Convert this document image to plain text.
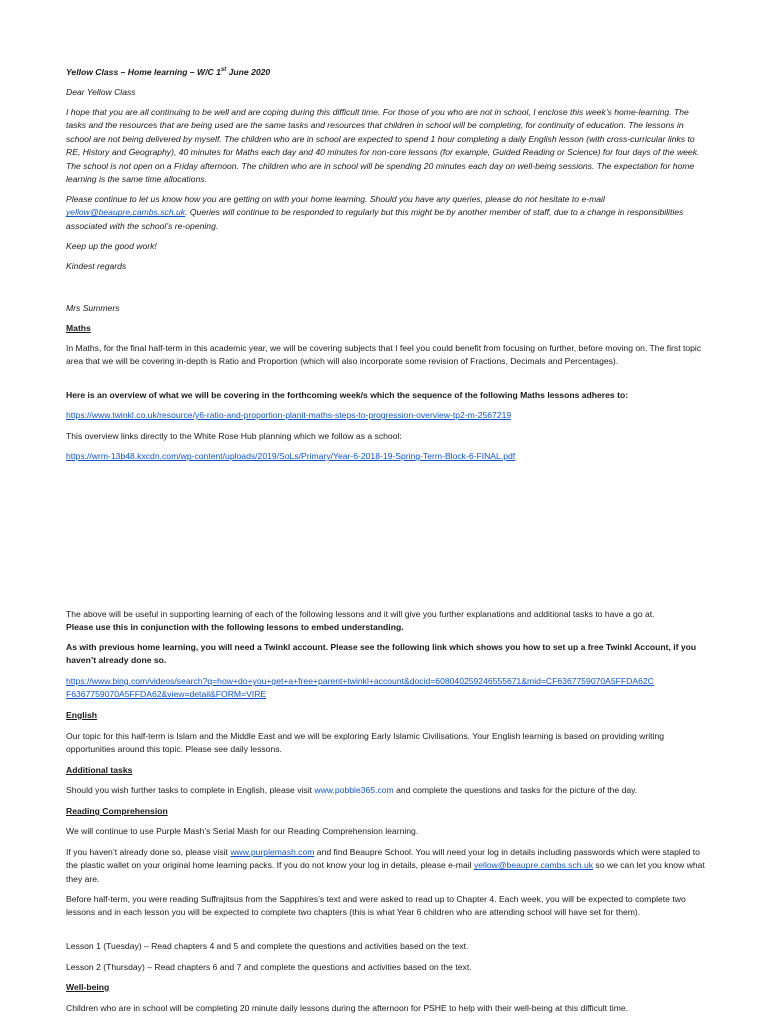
Yellow Class – Home learning – W/C 1st June 2020

Dear Yellow Class

I hope that you are all continuing to be well and are coping during this difficult time. For those of you who are not in school, I enclose this week’s home-learning. The tasks and the resources that are being used are the same tasks and resources that children in school will be completing, for continuity of education. The lessons in school are not being delivered by myself. The children who are in school are expected to spend 1 hour completing a daily English lesson (with cross-curricular links to RE, History and Geography), 40 minutes for Maths each day and 40 minutes for non-core lessons (for example, Guided Reading or Science) for four days of the week. The school is not open on a Friday afternoon. The children who are in school will be spending 20 minutes each day on well-being sessions. The expectation for home learning is the same time allocations.

Please continue to let us know how you are getting on with your home learning. Should you have any queries, please do not hesitate to e-mail yellow@beaupre.cambs.sch.uk. Queries will continue to be responded to regularly but this might be by another member of staff, due to a change in responsibilities associated with the school’s re-opening.

Keep up the good work!

Kindest regards

Mrs Summers

Maths

In Maths, for the final half-term in this academic year, we will be covering subjects that I feel you could benefit from focusing on further, before moving on. The first topic area that we will be covering in-depth is Ratio and Proportion (which will also incorporate some revision of Fractions, Decimals and Percentages).

Here is an overview of what we will be covering in the forthcoming week/s which the sequence of the following Maths lessons adheres to:

https://www.twinkl.co.uk/resource/y6-ratio-and-proportion-planit-maths-steps-to-progression-overview-tp2-m-2567219

This overview links directly to the White Rose Hub planning which we follow as a school:

https://wrm-13b48.kxcdn.com/wp-content/uploads/2019/SoLs/Primary/Year-6-2018-19-Spring-Term-Block-6-FINAL.pdf

The above will be useful in supporting learning of each of the following lessons and it will give you further explanations and additional tasks to have a go at.
Please use this in conjunction with the following lessons to embed understanding.

As with previous home learning, you will need a Twinkl account. Please see the following link which shows you how to set up a free Twinkl Account, if you haven’t already done so.

https://www.bing.com/videos/search?q=how+do+you+get+a+free+parent+twinkl+account&docid=608040259246555671&mid=CF6367759070A5FFDA62C
F6367759070A5FFDA62&view=detail&FORM=VIRE

English

Our topic for this half-term is Islam and the Middle East and we will be exploring Early Islamic Civilisations. Your English learning is based on providing writing opportunities around this topic. Please see daily lessons.

Additional tasks

Should you wish further tasks to complete in English, please visit www.pobble365.com and complete the questions and tasks for the picture of the day.

Reading Comprehension

We will continue to use Purple Mash’s Serial Mash for our Reading Comprehension learning.

If you haven’t already done so, please visit www.purplemash.com and find Beaupre School. You will need your log in details including passwords which were stapled to the plastic wallet on your original home learning packs. If you do not know your log in details, please e-mail yellow@beaupre.cambs.sch.uk so we can let you know what they are.

Before half-term, you were reading Suffrajitsus from the Sapphires’s text and were asked to read up to Chapter 4. Each week, you will be expected to complete two lessons and in each lesson you will be expected to complete two chapters (this is what Year 6 children who are attending school will have set for them).

Lesson 1 (Tuesday) – Read chapters 4 and 5 and complete the questions and activities based on the text.

Lesson 2 (Thursday) – Read chapters 6 and 7 and complete the questions and activities based on the text.

Well-being

Children who are in school will be completing 20 minute daily lessons during the afternoon for PSHE to help with their well-being at this difficult time.
